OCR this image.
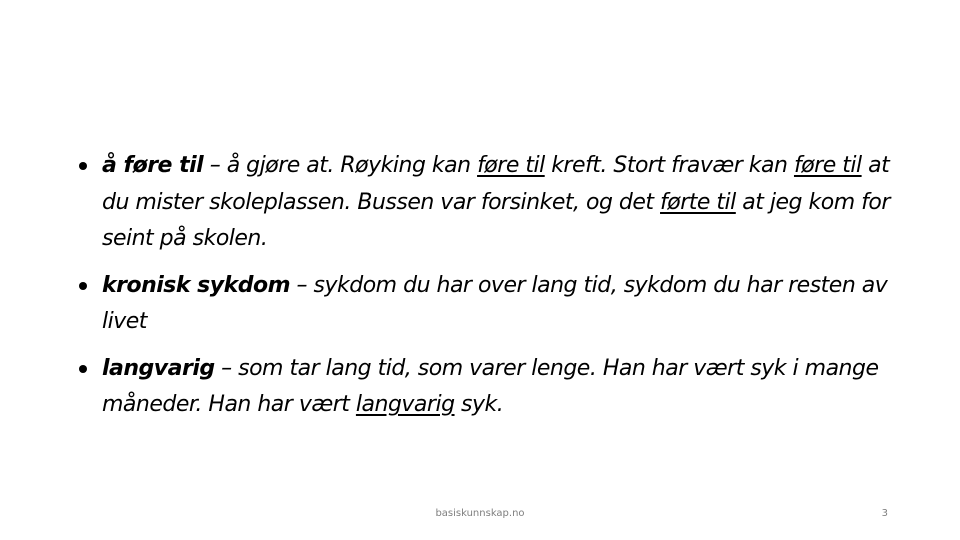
å føre til – å gjøre at. Røyking kan føre til kreft. Stort fravær kan føre til at du mister skoleplassen. Bussen var forsinket, og det førte til at jeg kom for seint på skolen.
kronisk sykdom – sykdom du har over lang tid, sykdom du har resten av livet
langvarig – som tar lang tid, som varer lenge. Han har vært syk i mange måneder. Han har vært langvarig syk.
basiskunnskap.no	3
